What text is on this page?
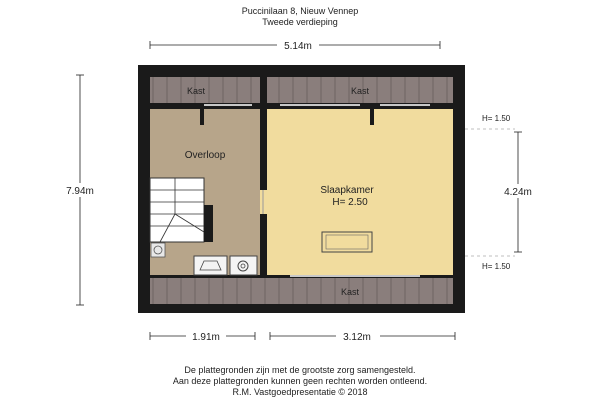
Puccinilaan 8, Nieuw Vennep
Tweede verdieping
5.14m
7.94m	4.24m
1.91m	3.12m
H= 1.50
H= 1.50
Kast	Kast
Kast
Overloop
Slaapkamer
H= 2.50
De plattegronden zijn met de grootste zorg samengesteld.
Aan deze plattegronden kunnen geen rechten worden ontleend.
R.M. Vastgoedpresentatie © 2018
